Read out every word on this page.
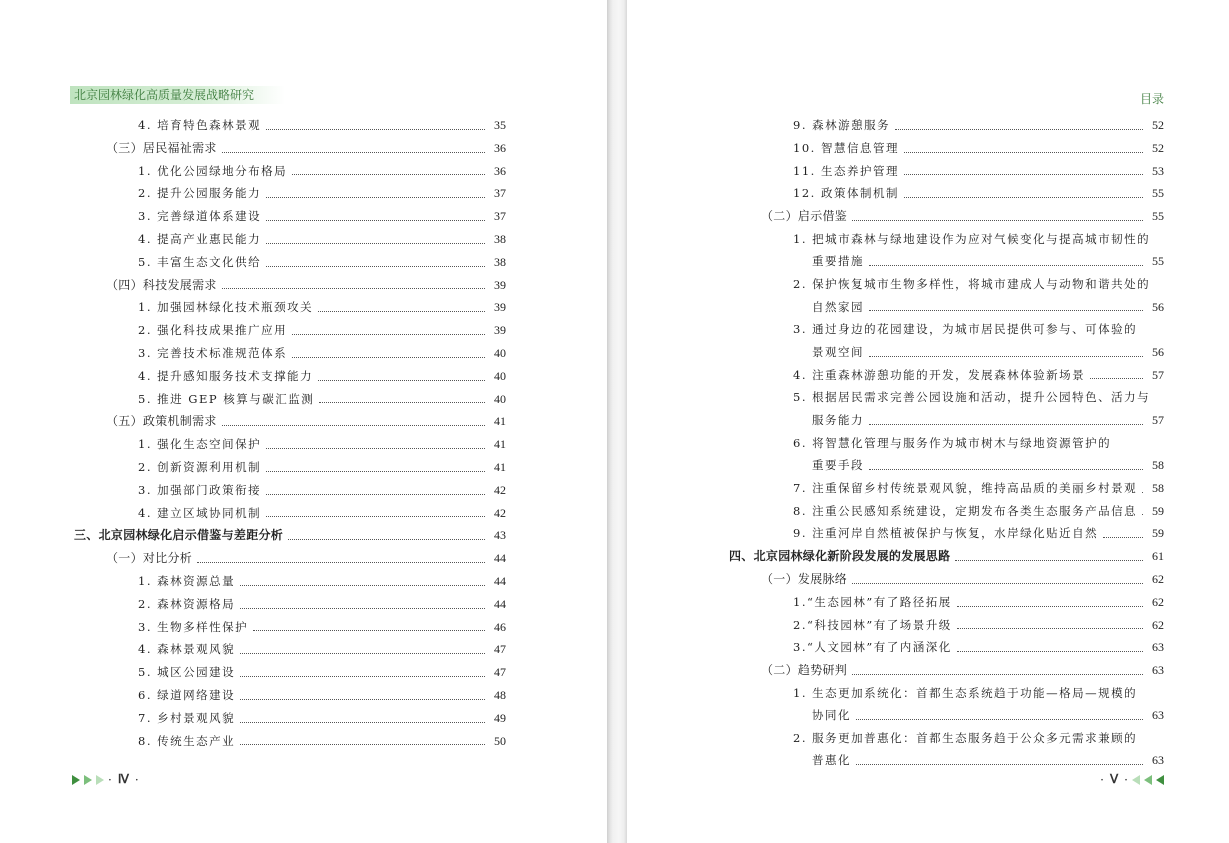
北京园林绿化高质量发展战略研究
4. 培育特色森林景观	35
（三）居民福祉需求	36
1. 优化公园绿地分布格局	36
2. 提升公园服务能力	37
3. 完善绿道体系建设	37
4. 提高产业惠民能力	38
5. 丰富生态文化供给	38
（四）科技发展需求	39
1. 加强园林绿化技术瓶颈攻关	39
2. 强化科技成果推广应用	39
3. 完善技术标准规范体系	40
4. 提升感知服务技术支撑能力	40
5. 推进 GEP 核算与碳汇监测	40
（五）政策机制需求	41
1. 强化生态空间保护	41
2. 创新资源利用机制	41
3. 加强部门政策衔接	42
4. 建立区域协同机制	42
三、北京园林绿化启示借鉴与差距分析	43
（一）对比分析	44
1. 森林资源总量	44
2. 森林资源格局	44
3. 生物多样性保护	46
4. 森林景观风貌	47
5. 城区公园建设	47
6. 绿道网络建设	48
7. 乡村景观风貌	49
8. 传统生态产业	50
· Ⅳ ·
目录
9. 森林游憩服务	52
10. 智慧信息管理	52
11. 生态养护管理	53
12. 政策体制机制	55
（二）启示借鉴	55
1. 把城市森林与绿地建设作为应对气候变化与提高城市韧性的
重要措施	55
2. 保护恢复城市生物多样性，将城市建成人与动物和谐共处的
自然家园	56
3. 通过身边的花园建设，为城市居民提供可参与、可体验的
景观空间	56
4. 注重森林游憩功能的开发，发展森林体验新场景	57
5. 根据居民需求完善公园设施和活动，提升公园特色、活力与
服务能力	57
6. 将智慧化管理与服务作为城市树木与绿地资源管护的
重要手段	58
7. 注重保留乡村传统景观风貌，维持高品质的美丽乡村景观	58
8. 注重公民感知系统建设，定期发布各类生态服务产品信息	59
9. 注重河岸自然植被保护与恢复，水岸绿化贴近自然	59
四、北京园林绿化新阶段发展的发展思路	61
（一）发展脉络	62
1.“生态园林”有了路径拓展	62
2.“科技园林”有了场景升级	62
3.“人文园林”有了内涵深化	63
（二）趋势研判	63
1. 生态更加系统化：首都生态系统趋于功能—格局—规模的
协同化	63
2. 服务更加普惠化：首都生态服务趋于公众多元需求兼顾的
普惠化	63
· Ⅴ ·
